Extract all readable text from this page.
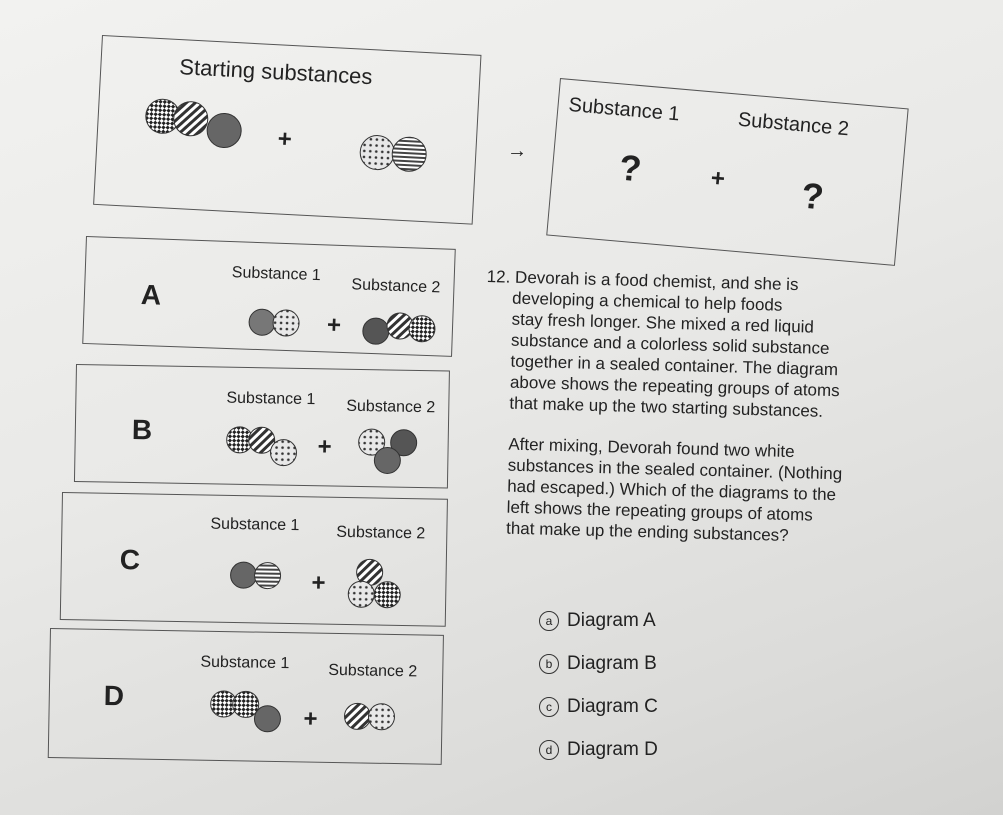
Starting substances
+	→
Substance 1	Substance 2
?	+ ?
A
Substance 1
Substance 2
+
B
Substance 1 Substance 2
+
C
Substance 1 Substance 2
+
D
Substance 1 Substance 2
+

12. Devorah is a food chemist, and she is

developing a chemical to help foods

stay fresh longer. She mixed a red liquid

substance and a colorless solid substance

together in a sealed container. The diagram

above shows the repeating groups of atoms

that make up the two starting substances.

After mixing, Devorah found two white

substances in the sealed container. (Nothing

had escaped.) Which of the diagrams to the

left shows the repeating groups of atoms

that make up the ending substances?

a Diagram A
b Diagram B
c Diagram C
d Diagram D
